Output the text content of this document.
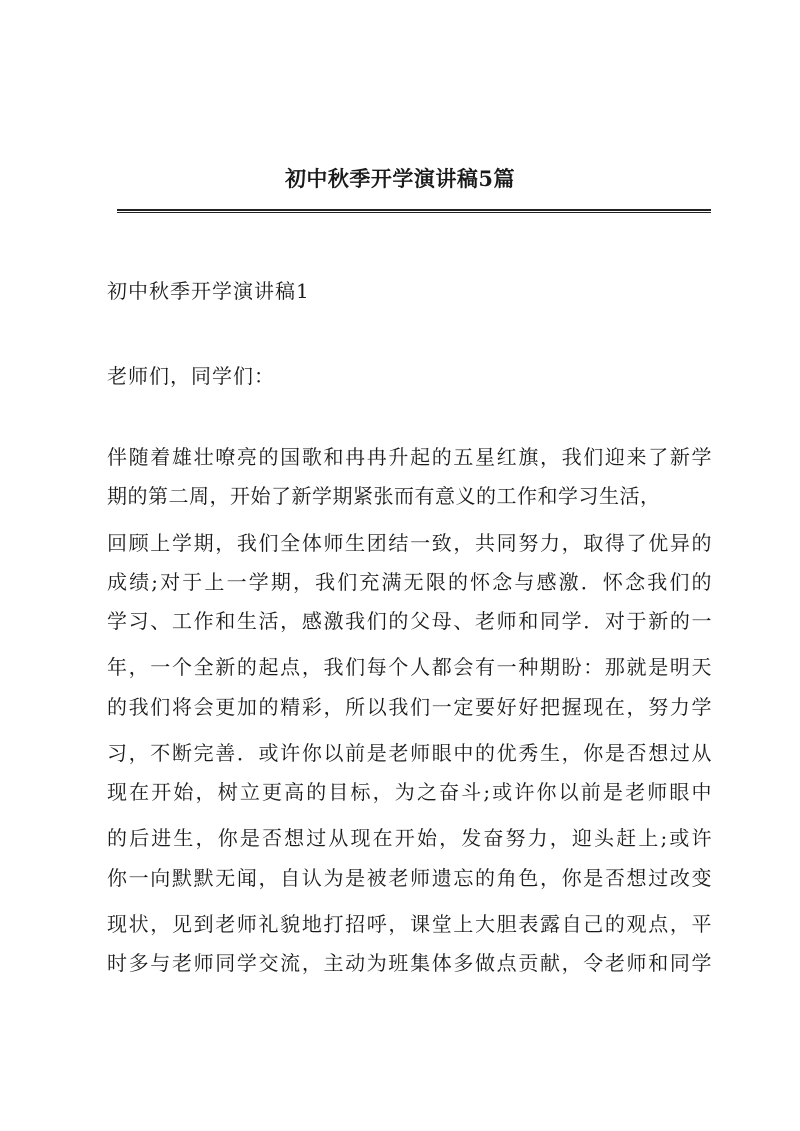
初中秋季开学演讲稿5篇

初中秋季开学演讲稿1

老师们，同学们：

伴随着雄壮嘹亮的国歌和冉冉升起的五星红旗，我们迎来了新学

期的第二周，开始了新学期紧张而有意义的工作和学习生活，

回顾上学期，我们全体师生团结一致，共同努力，取得了优异的

成绩;对于上一学期，我们充满无限的怀念与感激．怀念我们的

学习、工作和生活，感激我们的父母、老师和同学．对于新的一

年，一个全新的起点，我们每个人都会有一种期盼：那就是明天

的我们将会更加的精彩，所以我们一定要好好把握现在，努力学

习，不断完善．或许你以前是老师眼中的优秀生，你是否想过从

现在开始，树立更高的目标，为之奋斗;或许你以前是老师眼中

的后进生，你是否想过从现在开始，发奋努力，迎头赶上;或许

你一向默默无闻，自认为是被老师遗忘的角色，你是否想过改变

现状，见到老师礼貌地打招呼，课堂上大胆表露自己的观点，平

时多与老师同学交流，主动为班集体多做点贡献，令老师和同学
